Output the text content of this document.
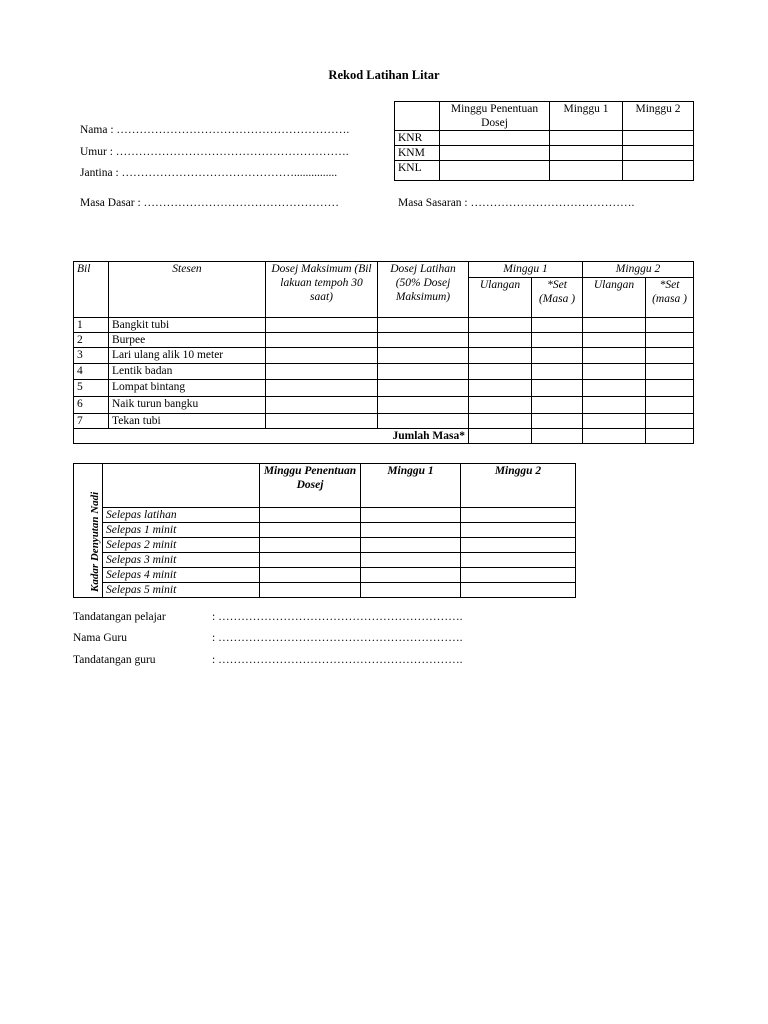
Rekod Latihan Litar
Nama : …………………………………………………….
Umur : …………………………………………………….
Jantina : ………………………………………...............
Masa Dasar : ……………………………………………	Masa Sasaran : …………………………………….
	Minggu Penentuan Dosej	Minggu 1	Minggu 2
KNR			
KNM			
KNL			
Bil	Stesen	Dosej Maksimum (Bil lakuan tempoh 30 saat)	Dosej Latihan (50% Dosej Maksimum)	Minggu 1		Minggu 2	
				Ulangan	*Set (Masa )	Ulangan	*Set (masa )
1	Bangkit tubi						
2	Burpee						
3	Lari ulang alik 10 meter						
4	Lentik badan						
5	Lompat bintang						
6	Naik turun bangku						
7	Tekan tubi						
Jumlah Masa*							
Kadar Denyutan Nadi		Minggu Penentuan Dosej	Minggu 1	Minggu 2
	Selepas latihan			
	Selepas 1 minit			
	Selepas 2 minit			
	Selepas 3 minit			
	Selepas 4 minit			
	Selepas 5 minit			
Tandatangan pelajar	: ……………………………………………………….
Nama Guru	: ……………………………………………………….
Tandatangan guru	: ……………………………………………………….
